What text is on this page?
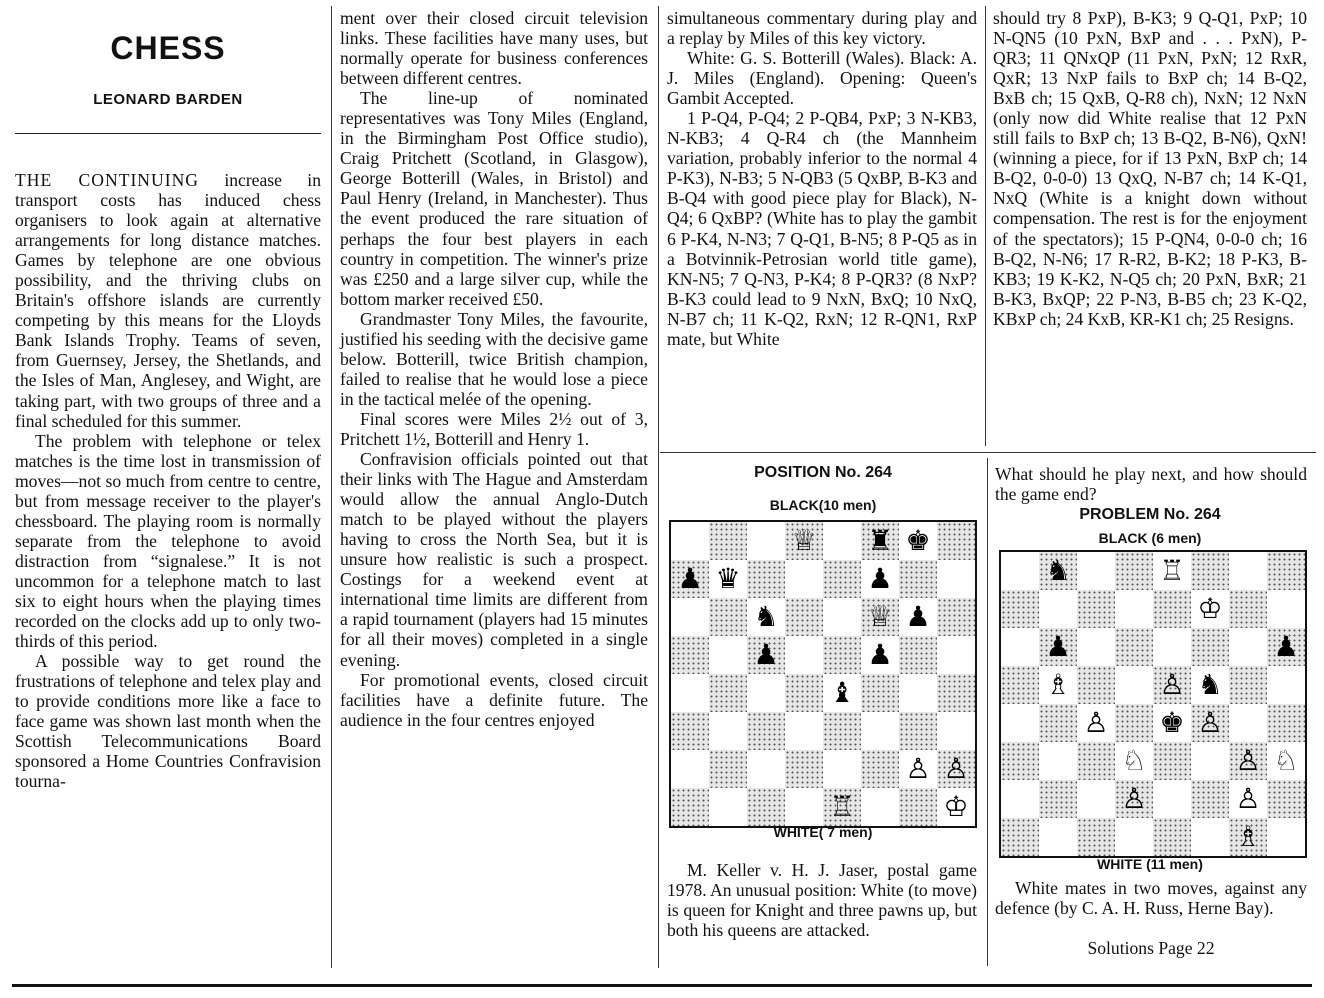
CHESS
LEONARD BARDEN

THE CONTINUING increase in transport costs has induced chess organisers to look again at alternative arrangements for long distance matches. Games by telephone are one obvious possibility, and the thriving clubs on Britain's offshore islands are currently competing by this means for the Lloyds Bank Islands Trophy. Teams of seven, from Guernsey, Jersey, the Shetlands, and the Isles of Man, Anglesey, and Wight, are taking part, with two groups of three and a final scheduled for this summer.

The problem with telephone or telex matches is the time lost in transmission of moves—not so much from centre to centre, but from message receiver to the player's chessboard. The playing room is normally separate from the telephone to avoid distraction from “signalese.” It is not uncommon for a telephone match to last six to eight hours when the playing times recorded on the clocks add up to only two-thirds of this period.

A possible way to get round the frustrations of telephone and telex play and to provide conditions more like a face to face game was shown last month when the Scottish Telecommunications Board sponsored a Home Countries Confravision tourna-

ment over their closed circuit television links. These facilities have many uses, but normally operate for business conferences between different centres.

The line-up of nominated representatives was Tony Miles (England, in the Birmingham Post Office studio), Craig Pritchett (Scotland, in Glasgow), George Botterill (Wales, in Bristol) and Paul Henry (Ireland, in Manchester). Thus the event produced the rare situation of perhaps the four best players in each country in competition. The winner's prize was £250 and a large silver cup, while the bottom marker received £50.

Grandmaster Tony Miles, the favourite, justified his seeding with the decisive game below. Botterill, twice British champion, failed to realise that he would lose a piece in the tactical melée of the opening.

Final scores were Miles 2½ out of 3, Pritchett 1½, Botterill and Henry 1.

Confravision officials pointed out that their links with The Hague and Amsterdam would allow the annual Anglo-Dutch match to be played without the players having to cross the North Sea, but it is unsure how realistic is such a prospect. Costings for a weekend event at international time limits are different from a rapid tournament (players had 15 minutes for all their moves) completed in a single evening.

For promotional events, closed circuit facilities have a definite future. The audience in the four centres enjoyed

simultaneous commentary during play and a replay by Miles of this key victory.

White: G. S. Botterill (Wales). Black: A. J. Miles (England). Opening: Queen's Gambit Accepted.

1 P-Q4, P-Q4; 2 P-QB4, PxP; 3 N-KB3, N-KB3; 4 Q-R4 ch (the Mannheim variation, probably inferior to the normal 4 P-K3), N-B3; 5 N-QB3 (5 QxBP, B-K3 and B-Q4 with good piece play for Black), N-Q4; 6 QxBP? (White has to play the gambit 6 P-K4, N-N3; 7 Q-Q1, B-N5; 8 P-Q5 as in a Botvinnik-Petrosian world title game), KN-N5; 7 Q-N3, P-K4; 8 P-QR3? (8 NxP? B-K3 could lead to 9 NxN, BxQ; 10 NxQ, N-B7 ch; 11 K-Q2, RxN; 12 R-QN1, RxP mate, but White

should try 8 PxP), B-K3; 9 Q-Q1, PxP; 10 N-QN5 (10 PxN, BxP and . . . PxN), P-QR3; 11 QNxQP (11 PxN, PxN; 12 RxR, QxR; 13 NxP fails to BxP ch; 14 B-Q2, BxB ch; 15 QxB, Q-R8 ch), NxN; 12 NxN (only now did White realise that 12 PxN still fails to BxP ch; 13 B-Q2, B-N6), QxN! (winning a piece, for if 13 PxN, BxP ch; 14 B-Q2, 0-0-0) 13 QxQ, N-B7 ch; 14 K-Q1, NxQ (White is a knight down without compensation. The rest is for the enjoyment of the spectators); 15 P-QN4, 0-0-0 ch; 16 B-Q2, N-N6; 17 R-R2, B-K2; 18 P-K3, B-KB3; 19 K-K2, N-Q5 ch; 20 PxN, BxR; 21 B-K3, BxQP; 22 P-N3, B-B5 ch; 23 K-Q2, KBxP ch; 24 KxB, KR-K1 ch; 25 Resigns.

POSITION No. 264
BLACK(10 men)
♕ ♜ ♚
♟ ♛	♟
♞	♕ ♟
♟	♟
♝
♙ ♙
♖	♔
WHITE( 7 men)
M. Keller v. H. J. Jaser, postal game 1978. An unusual position: White (to move) is queen for Knight and three pawns up, but both his queens are attacked.
What should he play next, and how should the game end?
PROBLEM No. 264
BLACK (6 men)
♞	♖
♔
♟	♟
♗	♙ ♞
♙ ♚ ♙
♘	♙ ♘
♙	♙
♗
WHITE (11 men)
White mates in two moves, against any defence (by C. A. H. Russ, Herne Bay).
Solutions Page 22
